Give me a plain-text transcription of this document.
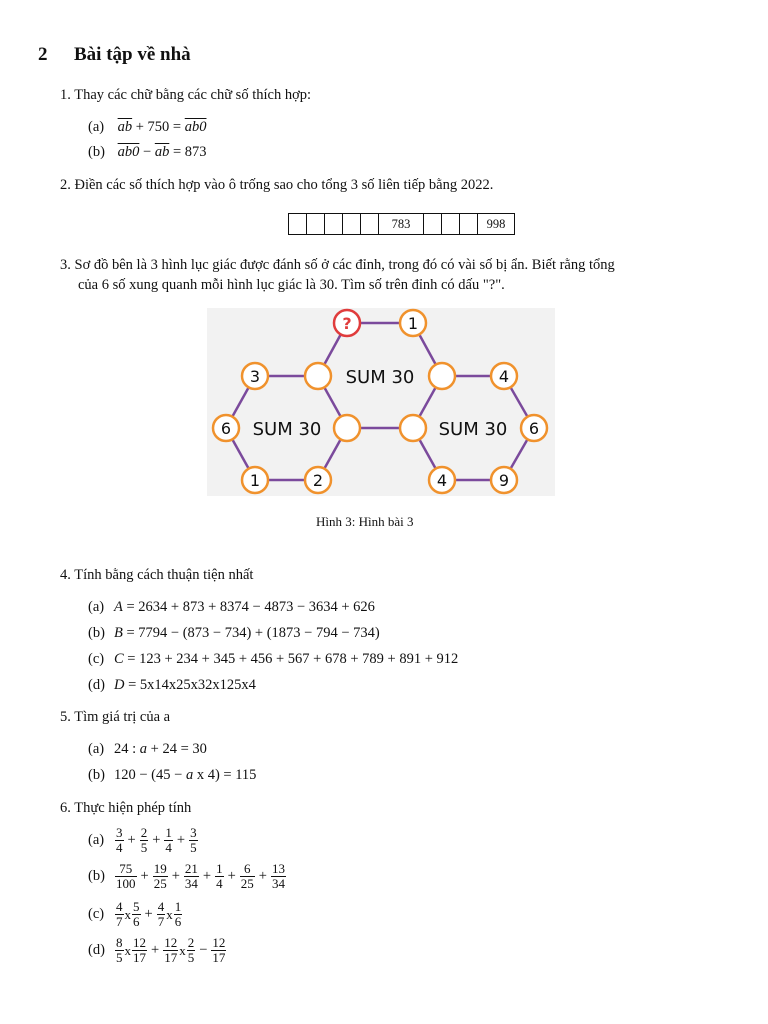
2 Bài tập về nhà
1. Thay các chữ bằng các chữ số thích hợp:
(a) $\overline{ab} + 750 = ab0$
(b) $ab0 - \overline{ab} = 873$
2. Điền các số thích hợp vào ô trống sao cho tổng 3 số liên tiếp bằng 2022.
783	998
3. Sơ đồ bên là 3 hình lục giác được đánh số ở các đỉnh, trong đó có vài số bị ẩn. Biết rằng tổng
của 6 số xung quanh mỗi hình lục giác là 30. Tìm số trên đỉnh có dấu "?".
?	1
3	4
6	6
1	2	4	9
SUM 30
SUM 30	SUM 30
Hình 3: Hình bài 3
4. Tính bằng cách thuận tiện nhất
(a) A = 2634 + 873 + 8374 − 4873 − 3634 + 626
(b) B = 7794 − (873 − 734) + (1873 − 794 − 734)
(c) C = 123 + 234 + 345 + 456 + 567 + 678 + 789 + 891 + 912
(d) D = 5x14x25x32x125x4
5. Tìm giá trị của a
(a) 24 : a + 24 = 30
(b) 120 − (45 − a x 4) = 115
6. Thực hiện phép tính
$(a) \frac{3}{4} + \frac{2}{5} + \frac{1}{4} + \frac{3}{5}$
$(b) \frac{75}{100} + \frac{19}{25} + \frac{21}{34} + \frac{1}{4} + \frac{6}{25} + \frac{13}{34}$
$(c) \frac{4}{7}$ x $\frac{5}{6} + \frac{4}{7}$ x $\frac{1}{6}$
$(d) \frac{8}{5}$ x $\frac{12}{17} + \frac{12}{17}$ x $\frac{2}{5} - \frac{12}{17}$
